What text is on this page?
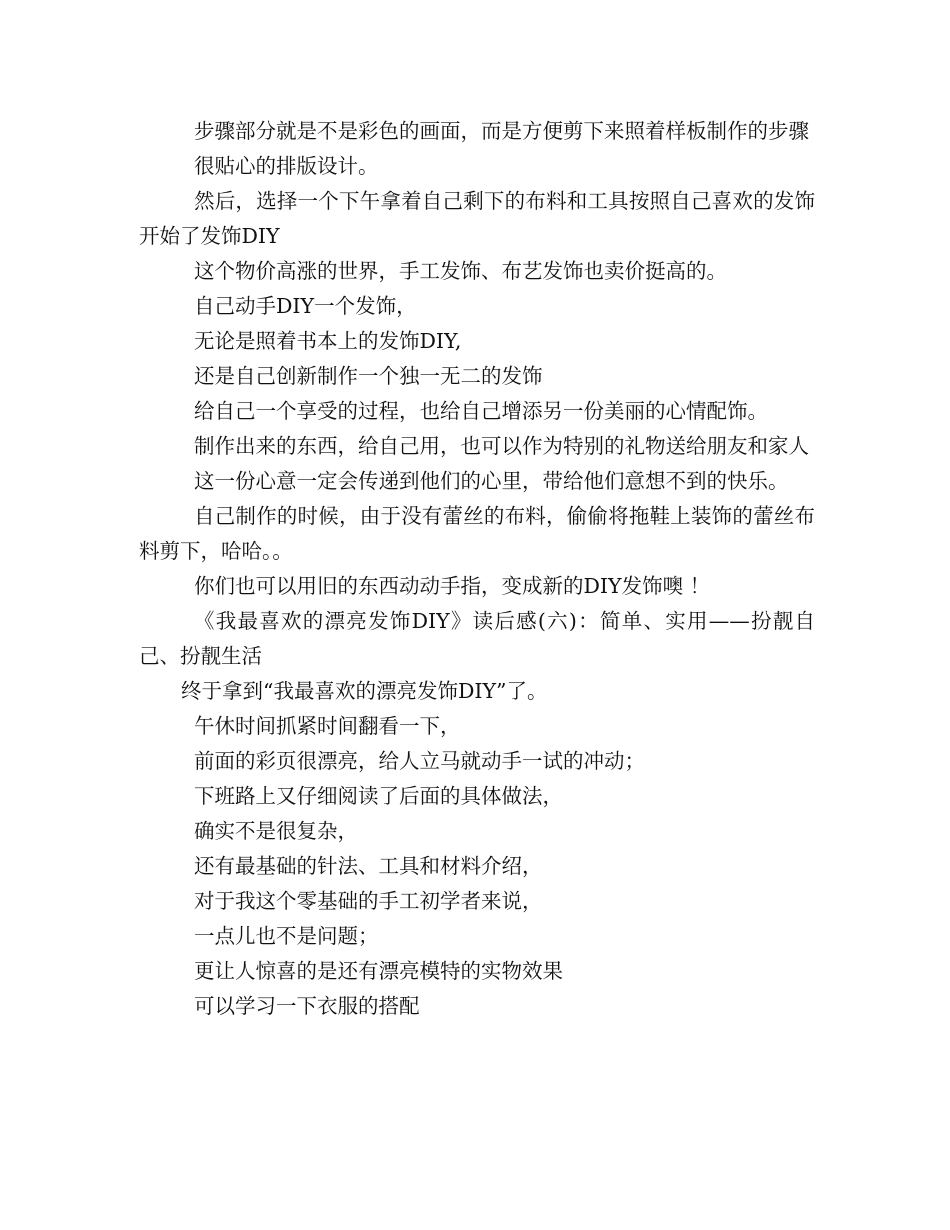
步骤部分就是不是彩色的画面，而是方便剪下来照着样板制作的步骤

很贴心的排版设计。

然后，选择一个下午拿着自己剩下的布料和工具按照自己喜欢的发饰开始了发饰DIY

这个物价高涨的世界，手工发饰、布艺发饰也卖价挺高的。

自己动手DIY一个发饰，

无论是照着书本上的发饰DIY,

还是自己创新制作一个独一无二的发饰

给自己一个享受的过程，也给自己增添另一份美丽的心情配饰。

制作出来的东西，给自己用，也可以作为特别的礼物送给朋友和家人

这一份心意一定会传递到他们的心里，带给他们意想不到的快乐。

自己制作的时候，由于没有蕾丝的布料，偷偷将拖鞋上装饰的蕾丝布料剪下，哈哈。。

你们也可以用旧的东西动动手指，变成新的DIY发饰噢 ！

《我最喜欢的漂亮发饰DIY》读后感(六)：简单、实用——扮靓自己、扮靓生活

终于拿到“我最喜欢的漂亮发饰DIY”了。

午休时间抓紧时间翻看一下，

前面的彩页很漂亮，给人立马就动手一试的冲动；

下班路上又仔细阅读了后面的具体做法，

确实不是很复杂，

还有最基础的针法、工具和材料介绍，

对于我这个零基础的手工初学者来说，

一点儿也不是问题；

更让人惊喜的是还有漂亮模特的实物效果

可以学习一下衣服的搭配
